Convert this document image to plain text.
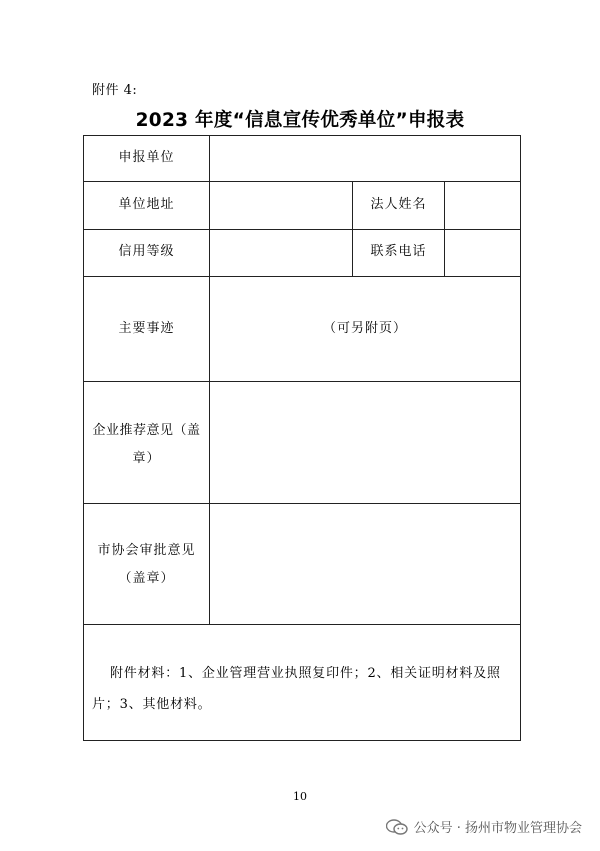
附件 4:
2023 年度“信息宣传优秀单位”申报表
申报单位
单位地址	法人姓名
信用等级	联系电话
主要事迹	（可另附页）
企业推荐意见（盖
章）
市协会审批意见
（盖章）
附件材料：1、企业管理营业执照复印件；2、相关证明材料及照片；3、其他材料。
10
公众号 · 扬州市物业管理协会
